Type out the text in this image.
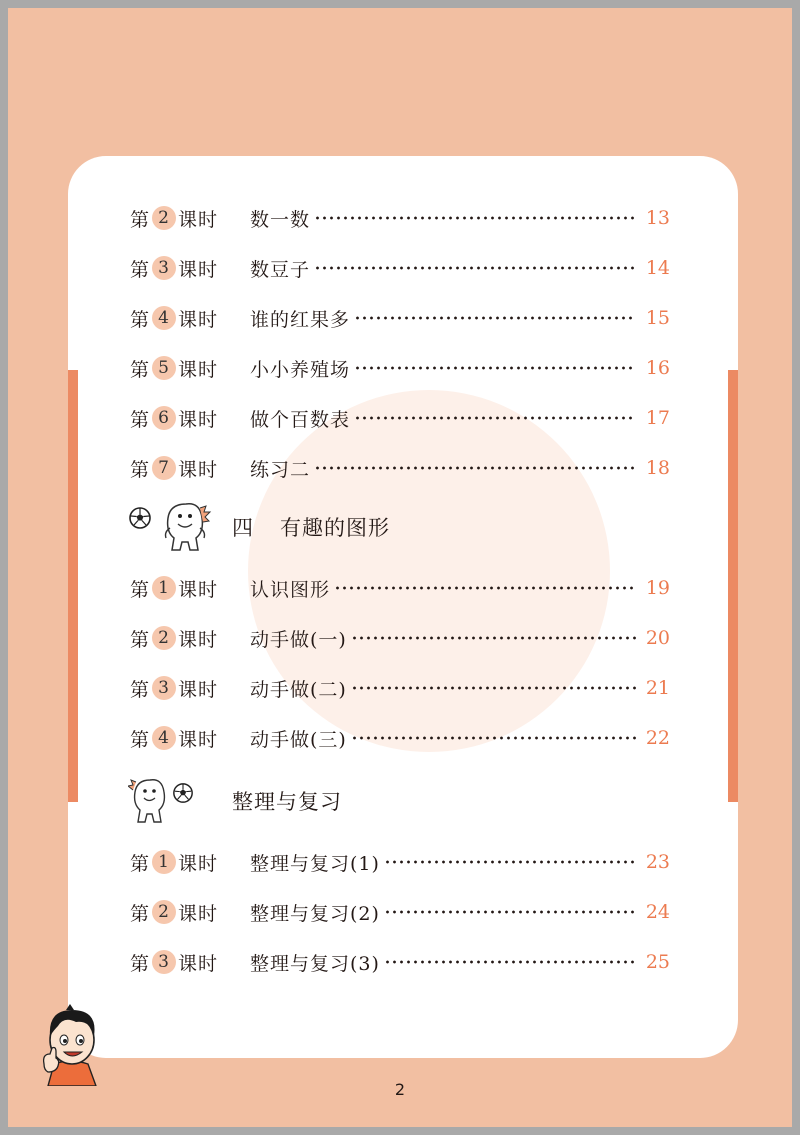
第 2 课时 数一数	13
第 3 课时 数豆子	14
第 4 课时 谁的红果多	15
第 5 课时 小小养殖场	16
第 6 课时 做个百数表	17
第 7 课时 练习二	18
四 有趣的图形
第 1 课时 认识图形	19
第 2 课时 动手做(一)	20
第 3 课时 动手做(二)	21
第 4 课时 动手做(三)	22
整理与复习
第 1 课时 整理与复习(1)	23
第 2 课时 整理与复习(2)	24
第 3 课时 整理与复习(3)	25
2
